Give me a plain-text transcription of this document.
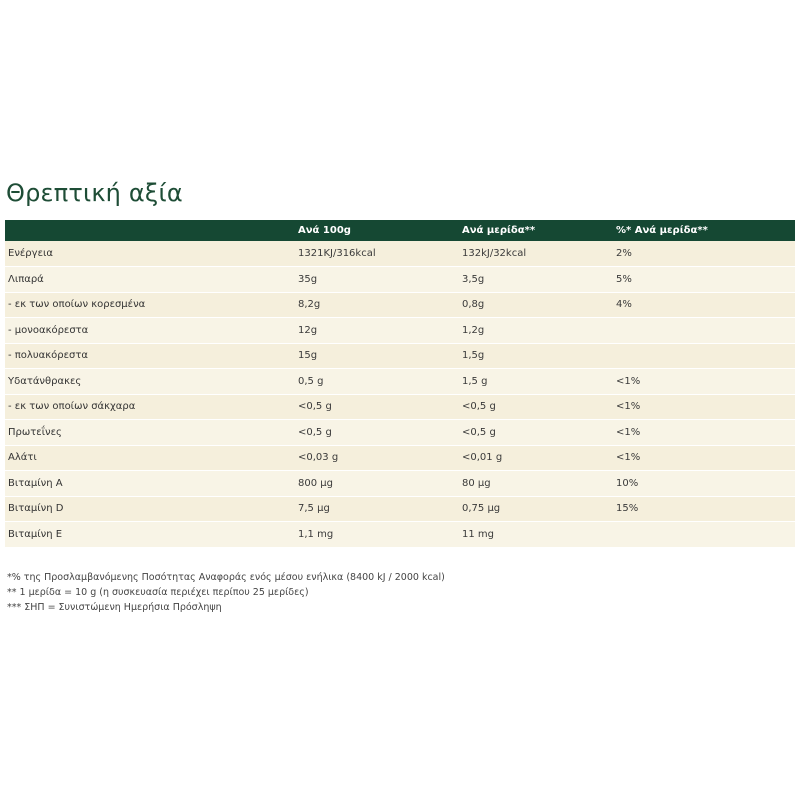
Θρεπτική αξία
	Ανά 100g	Ανά μερίδα**	%* Ανά μερίδα**
Ενέργεια	1321KJ/316kcal	132kJ/32kcal	2%
Λιπαρά	35g	3,5g	5%
- εκ των οποίων κορεσμένα	8,2g	0,8g	4%
- μονοακόρεστα	12g	1,2g	
- πολυακόρεστα	15g	1,5g	
Υδατάνθρακες	0,5 g	1,5 g	<1%
- εκ των οποίων σάκχαρα	<0,5 g	<0,5 g	<1%
Πρωτεΐνες	<0,5 g	<0,5 g	<1%
Αλάτι	<0,03 g	<0,01 g	<1%
Βιταμίνη Α	800 µg	80 µg	10%
Βιταμίνη D	7,5 µg	0,75 µg	15%
Βιταμίνη Ε	1,1 mg	11 mg	
*% της Προσλαμβανόμενης Ποσότητας Αναφοράς ενός μέσου ενήλικα (8400 kJ / 2000 kcal)
** 1 μερίδα = 10 g (η συσκευασία περιέχει περίπου 25 μερίδες)
*** ΣΗΠ = Συνιστώμενη Ημερήσια Πρόσληψη
